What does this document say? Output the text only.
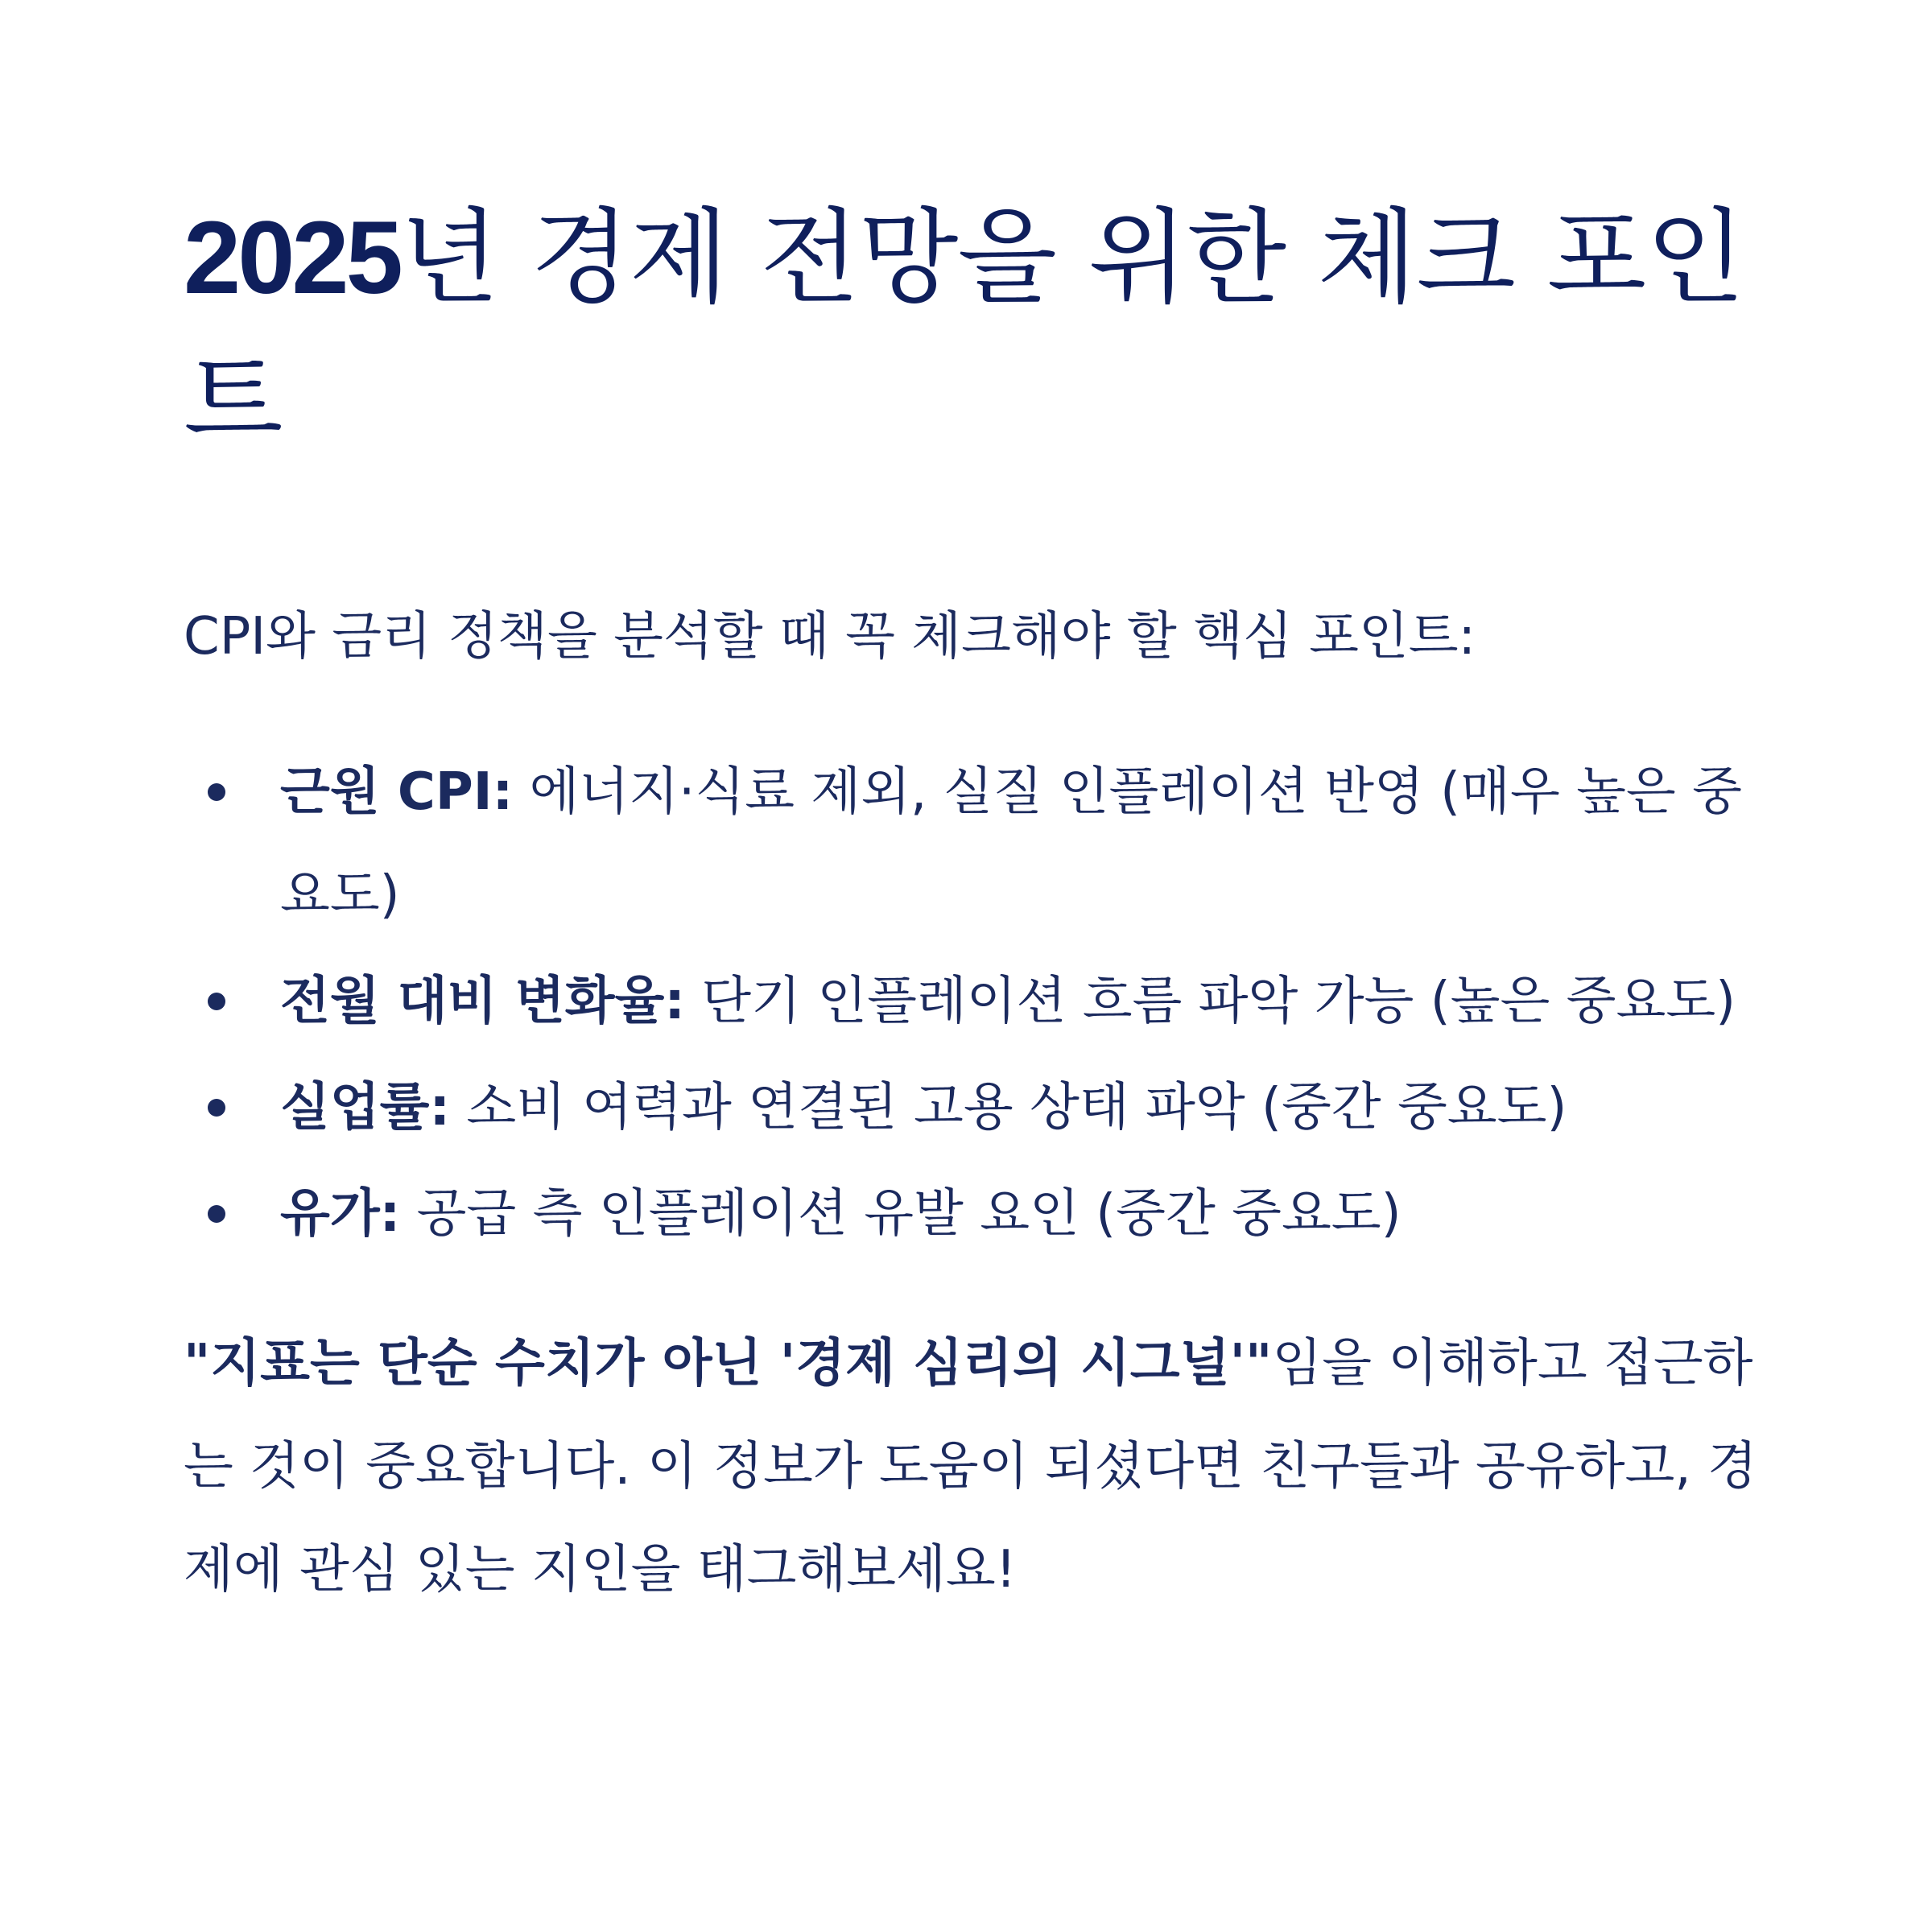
2025년 경제 전망을 위한 체크 포인트

CPI와 금리 정책을 분석할 때 꼭 체크해야 할 핵심 포인트:

근원 CPI: 에너지·식료 제외, 실질 인플레이션 반영 (매우 높은 중요도)
전월 대비 변화율: 단기 인플레이션 흐름 파악 가능 (높은 중요도)
실업률: 소비 여력과 연결된 고용 상태 파악 (중간 중요도)
유가: 공급 측 인플레이션 유발 요인 (중간 중요도)

"지표는 단순 수치가 아닌 '경제 심리의 시그널'"임을 이해하고 접근하는 것이 중요합니다. 이 정보가 도움이 되셨다면 친구들과 공유하고, 경제에 관심 있는 지인을 태그해보세요!
